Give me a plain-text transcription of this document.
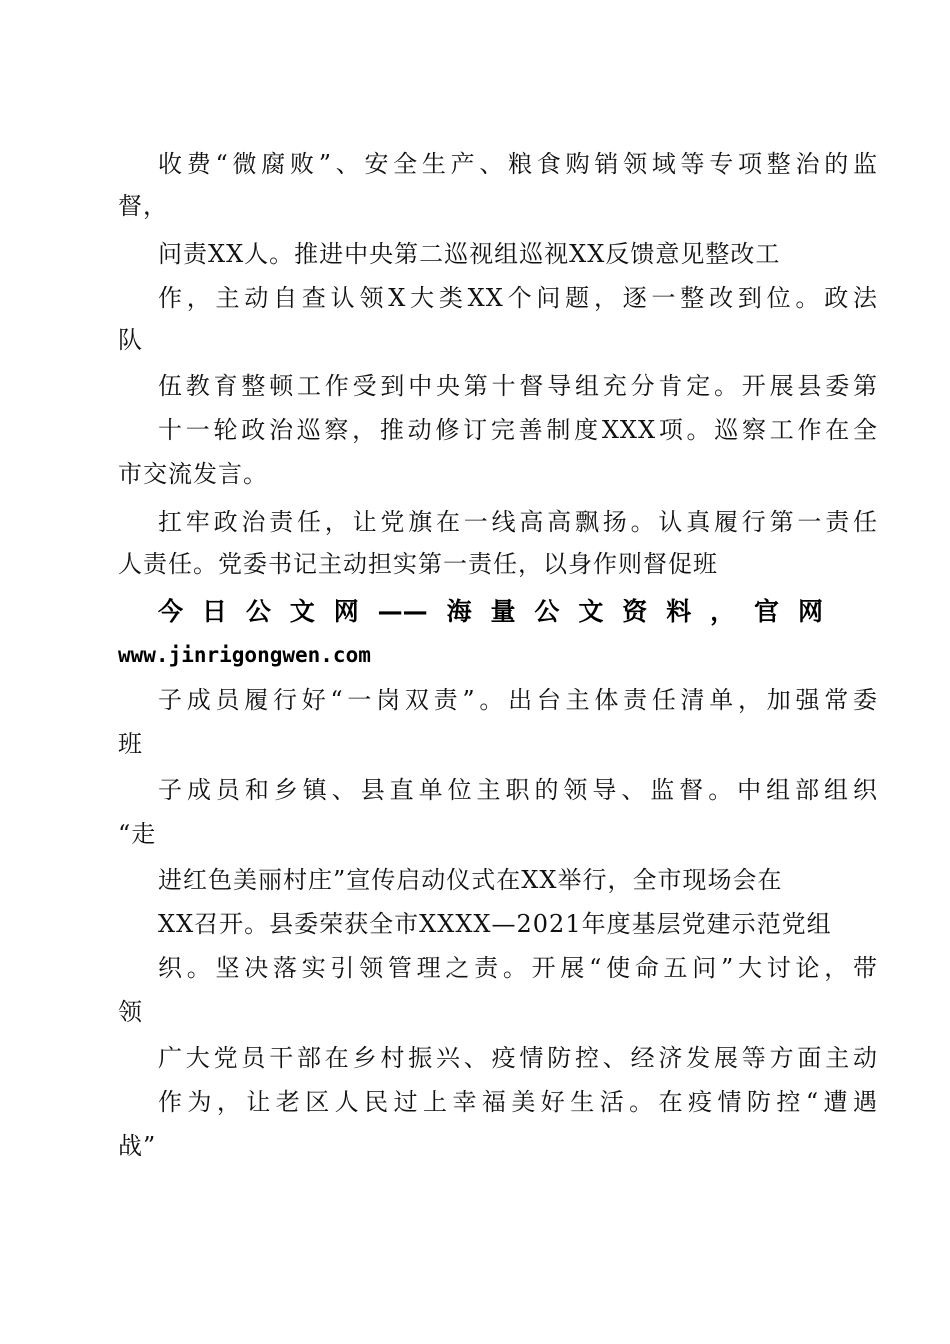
收费“微腐败”、安全生产、粮食购销领域等专项整治的监
督，
问责XX人。推进中央第二巡视组巡视XX反馈意见整改工
作，主动自查认领X大类XX个问题，逐一整改到位。政法
队
伍教育整顿工作受到中央第十督导组充分肯定。开展县委第
十一轮政治巡察，推动修订完善制度XXX项。巡察工作在全
市交流发言。
扛牢政治责任，让党旗在一线高高飘扬。认真履行第一责任
人责任。党委书记主动担实第一责任，以身作则督促班
今日公文网——海量公文资料，官网
www.jinrigongwen.com
子成员履行好“一岗双责”。出台主体责任清单，加强常委
班
子成员和乡镇、县直单位主职的领导、监督。中组部组织
“走
进红色美丽村庄”宣传启动仪式在XX举行，全市现场会在
XX召开。县委荣获全市XXXX—2021年度基层党建示范党组
织。坚决落实引领管理之责。开展“使命五问”大讨论，带
领
广大党员干部在乡村振兴、疫情防控、经济发展等方面主动
作为，让老区人民过上幸福美好生活。在疫情防控“遭遇
战”
